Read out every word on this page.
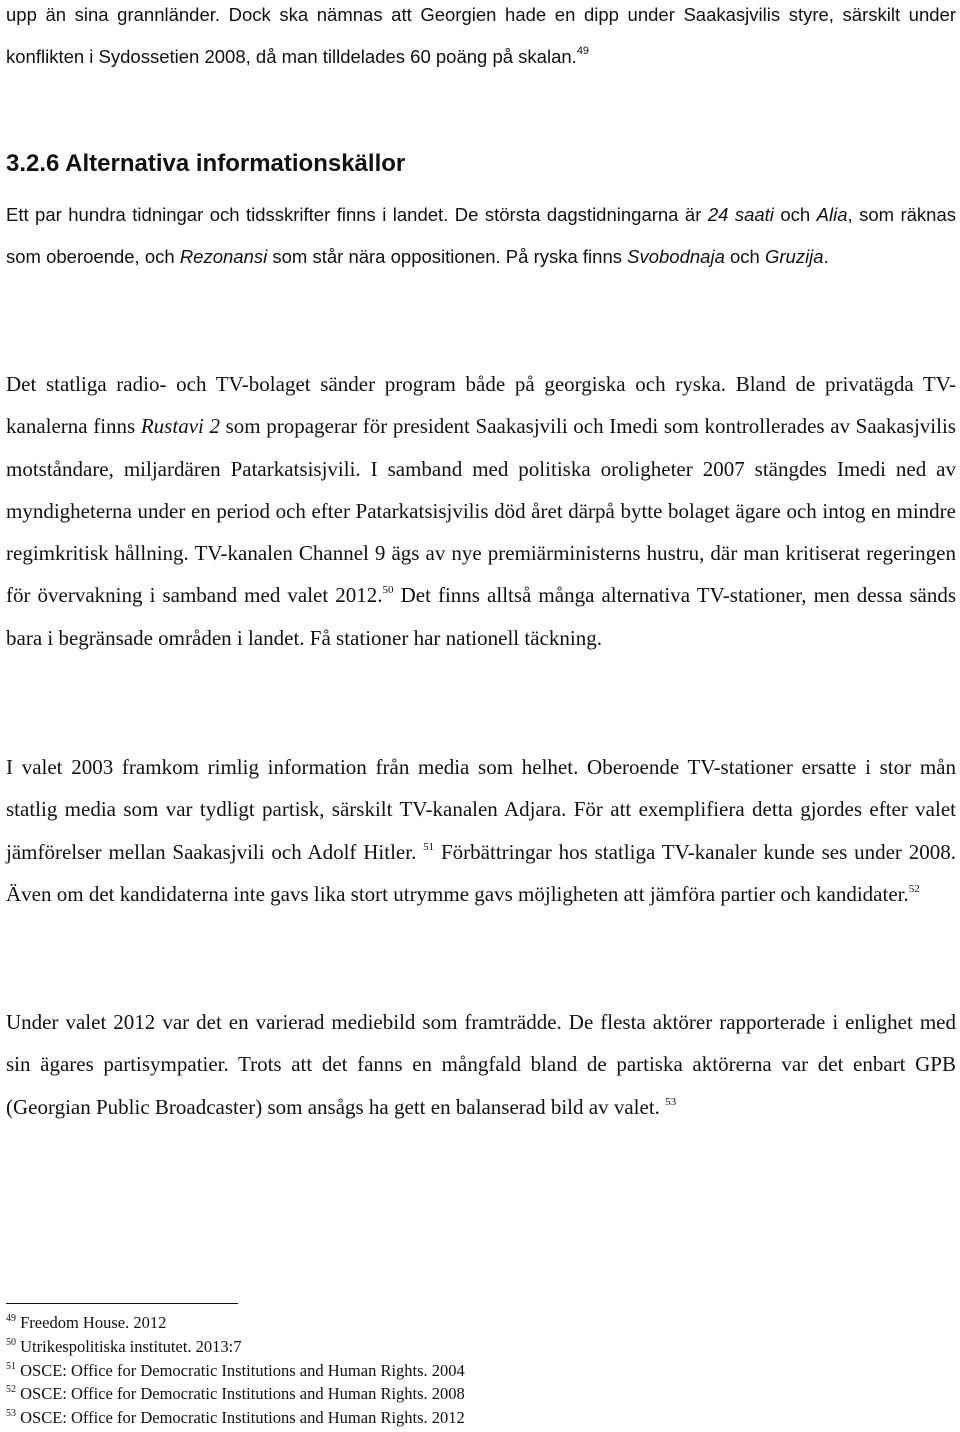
upp än sina grannländer. Dock ska nämnas att Georgien hade en dipp under Saakasjvilis styre, särskilt under konflikten i Sydossetien 2008, då man tilldelades 60 poäng på skalan.$^{49}$

3.2.6 Alternativa informationskällor

Ett par hundra tidningar och tidsskrifter finns i landet. De största dagstidningarna är 24 saati och Alia, som räknas som oberoende, och Rezonansi som står nära oppositionen. På ryska finns Svobodnaja och Gruzija.

Det statliga radio- och TV-bolaget sänder program både på georgiska och ryska. Bland de privatägda TV-kanalerna finns Rustavi 2 som propagerar för president Saakasjvili och Imedi som kontrollerades av Saakasjvilis motståndare, miljardären Patarkatsisjvili. I samband med politiska oroligheter 2007 stängdes Imedi ned av myndigheterna under en period och efter Patarkatsisjvilis död året därpå bytte bolaget ägare och intog en mindre regimkritisk hållning. TV-kanalen Channel 9 ägs av nye premiärministerns hustru, där man kritiserat regeringen för övervakning i samband med valet 2012.50 Det finns alltså många alternativa TV-stationer, men dessa sänds bara i begränsade områden i landet. Få stationer har nationell täckning.

I valet 2003 framkom rimlig information från media som helhet. Oberoende TV-stationer ersatte i stor mån statlig media som var tydligt partisk, särskilt TV-kanalen Adjara. För att exemplifiera detta gjordes efter valet jämförelser mellan Saakasjvili och Adolf Hitler. $^{51}$ Förbättringar hos statliga TV-kanaler kunde ses under 2008. Även om det kandidaterna inte gavs lika stort utrymme gavs möjligheten att jämföra partier och kandidater.$^{52}$

Under valet 2012 var det en varierad mediebild som framträdde. De flesta aktörer rapporterade i enlighet med sin ägares partisympatier. Trots att det fanns en mångfald bland de partiska aktörerna var det enbart GPB (Georgian Public Broadcaster) som ansågs ha gett en balanserad bild av valet. $^{53}$

$^{49}$ Freedom House. 2012
$^{50}$ Utrikespolitiska institutet. 2013:7
$^{51}$ OSCE: Office for Democratic Institutions and Human Rights. 2004
$^{52}$ OSCE: Office for Democratic Institutions and Human Rights. 2008
$^{53}$ OSCE: Office for Democratic Institutions and Human Rights. 2012
